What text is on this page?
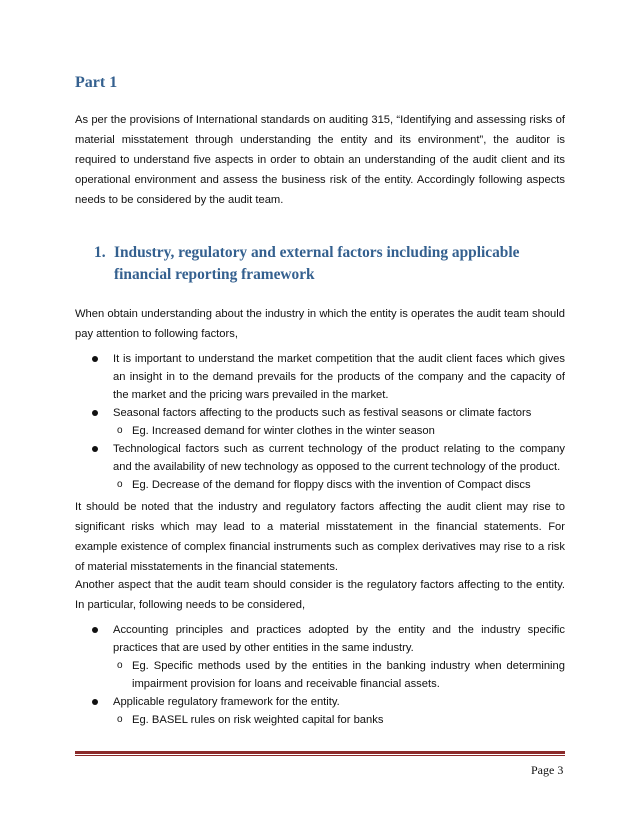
Part 1

As per the provisions of International standards on auditing 315, “Identifying and assessing risks of material misstatement through understanding the entity and its environment”, the auditor is required to understand five aspects in order to obtain an understanding of the audit client and its operational environment and assess the business risk of the entity. Accordingly following aspects needs to be considered by the audit team.

1. Industry, regulatory and external factors including applicable financial reporting framework

When obtain understanding about the industry in which the entity is operates the audit team should pay attention to following factors,

It is important to understand the market competition that the audit client faces which gives an insight in to the demand prevails for the products of the company and the capacity of the market and the pricing wars prevailed in the market.
Seasonal factors affecting to the products such as festival seasons or climate factors
o Eg. Increased demand for winter clothes in the winter season
Technological factors such as current technology of the product relating to the company and the availability of new technology as opposed to the current technology of the product.
o Eg. Decrease of the demand for floppy discs with the invention of Compact discs

It should be noted that the industry and regulatory factors affecting the audit client may rise to significant risks which may lead to a material misstatement in the financial statements. For example existence of complex financial instruments such as complex derivatives may rise to a risk of material misstatements in the financial statements.

Another aspect that the audit team should consider is the regulatory factors affecting to the entity. In particular, following needs to be considered,

Accounting principles and practices adopted by the entity and the industry specific practices that are used by other entities in the same industry.
o Eg. Specific methods used by the entities in the banking industry when determining impairment provision for loans and receivable financial assets.
Applicable regulatory framework for the entity.
o Eg. BASEL rules on risk weighted capital for banks
Page 3
